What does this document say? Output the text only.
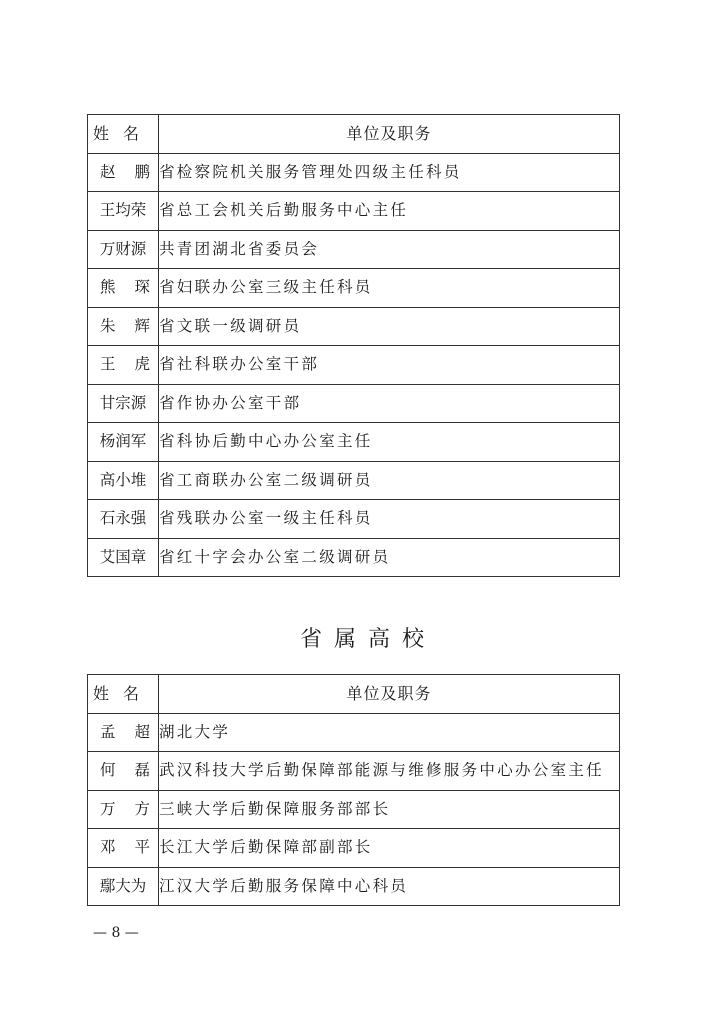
姓名	单位及职务
赵鹏	省检察院机关服务管理处四级主任科员
王均荣	省总工会机关后勤服务中心主任
万财源	共青团湖北省委员会
熊琛	省妇联办公室三级主任科员
朱辉	省文联一级调研员
王虎	省社科联办公室干部
甘宗源	省作协办公室干部
杨润军	省科协后勤中心办公室主任
高小堆	省工商联办公室二级调研员
石永强	省残联办公室一级主任科员
艾国章	省红十字会办公室二级调研员
省属高校
姓名	单位及职务
孟超	湖北大学
何磊	武汉科技大学后勤保障部能源与维修服务中心办公室主任
万方	三峡大学后勤保障服务部部长
邓平	长江大学后勤保障部副部长
鄢大为	江汉大学后勤服务保障中心科员
— 8 —
